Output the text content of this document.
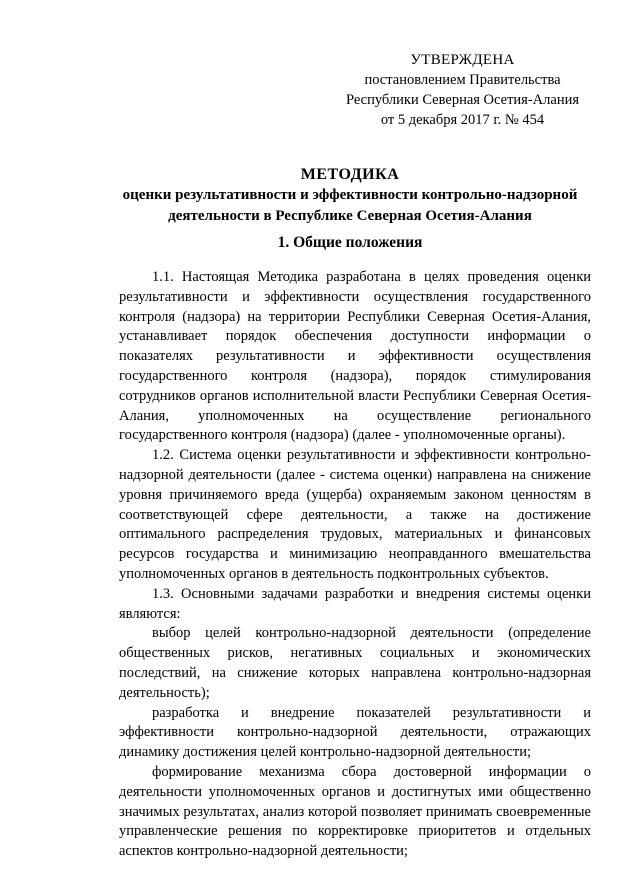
УТВЕРЖДЕНА
постановлением Правительства
Республики Северная Осетия-Алания
от 5 декабря 2017 г. № 454
МЕТОДИКА
оценки результативности и эффективности контрольно-надзорной
деятельности в Республике Северная Осетия-Алания
1. Общие положения

1.1. Настоящая Методика разработана в целях проведения оценки результативности и эффективности осуществления государственного контроля (надзора) на территории Республики Северная Осетия-Алания, устанавливает порядок обеспечения доступности информации о показателях результативности и эффективности осуществления государственного контроля (надзора), порядок стимулирования сотрудников органов исполнительной власти Республики Северная Осетия-Алания, уполномоченных на осуществление регионального государственного контроля (надзора) (далее - уполномоченные органы).

1.2. Система оценки результативности и эффективности контрольно-надзорной деятельности (далее - система оценки) направлена на снижение уровня причиняемого вреда (ущерба) охраняемым законом ценностям в соответствующей сфере деятельности, а также на достижение оптимального распределения трудовых, материальных и финансовых ресурсов государства и минимизацию неоправданного вмешательства уполномоченных органов в деятельность подконтрольных субъектов.

1.3. Основными задачами разработки и внедрения системы оценки являются:

выбор целей контрольно-надзорной деятельности (определение общественных рисков, негативных социальных и экономических последствий, на снижение которых направлена контрольно-надзорная деятельность);

разработка и внедрение показателей результативности и эффективности контрольно-надзорной деятельности, отражающих динамику достижения целей контрольно-надзорной деятельности;

формирование механизма сбора достоверной информации о деятельности уполномоченных органов и достигнутых ими общественно значимых результатах, анализ которой позволяет принимать своевременные управленческие решения по корректировке приоритетов и отдельных аспектов контрольно-надзорной деятельности;
